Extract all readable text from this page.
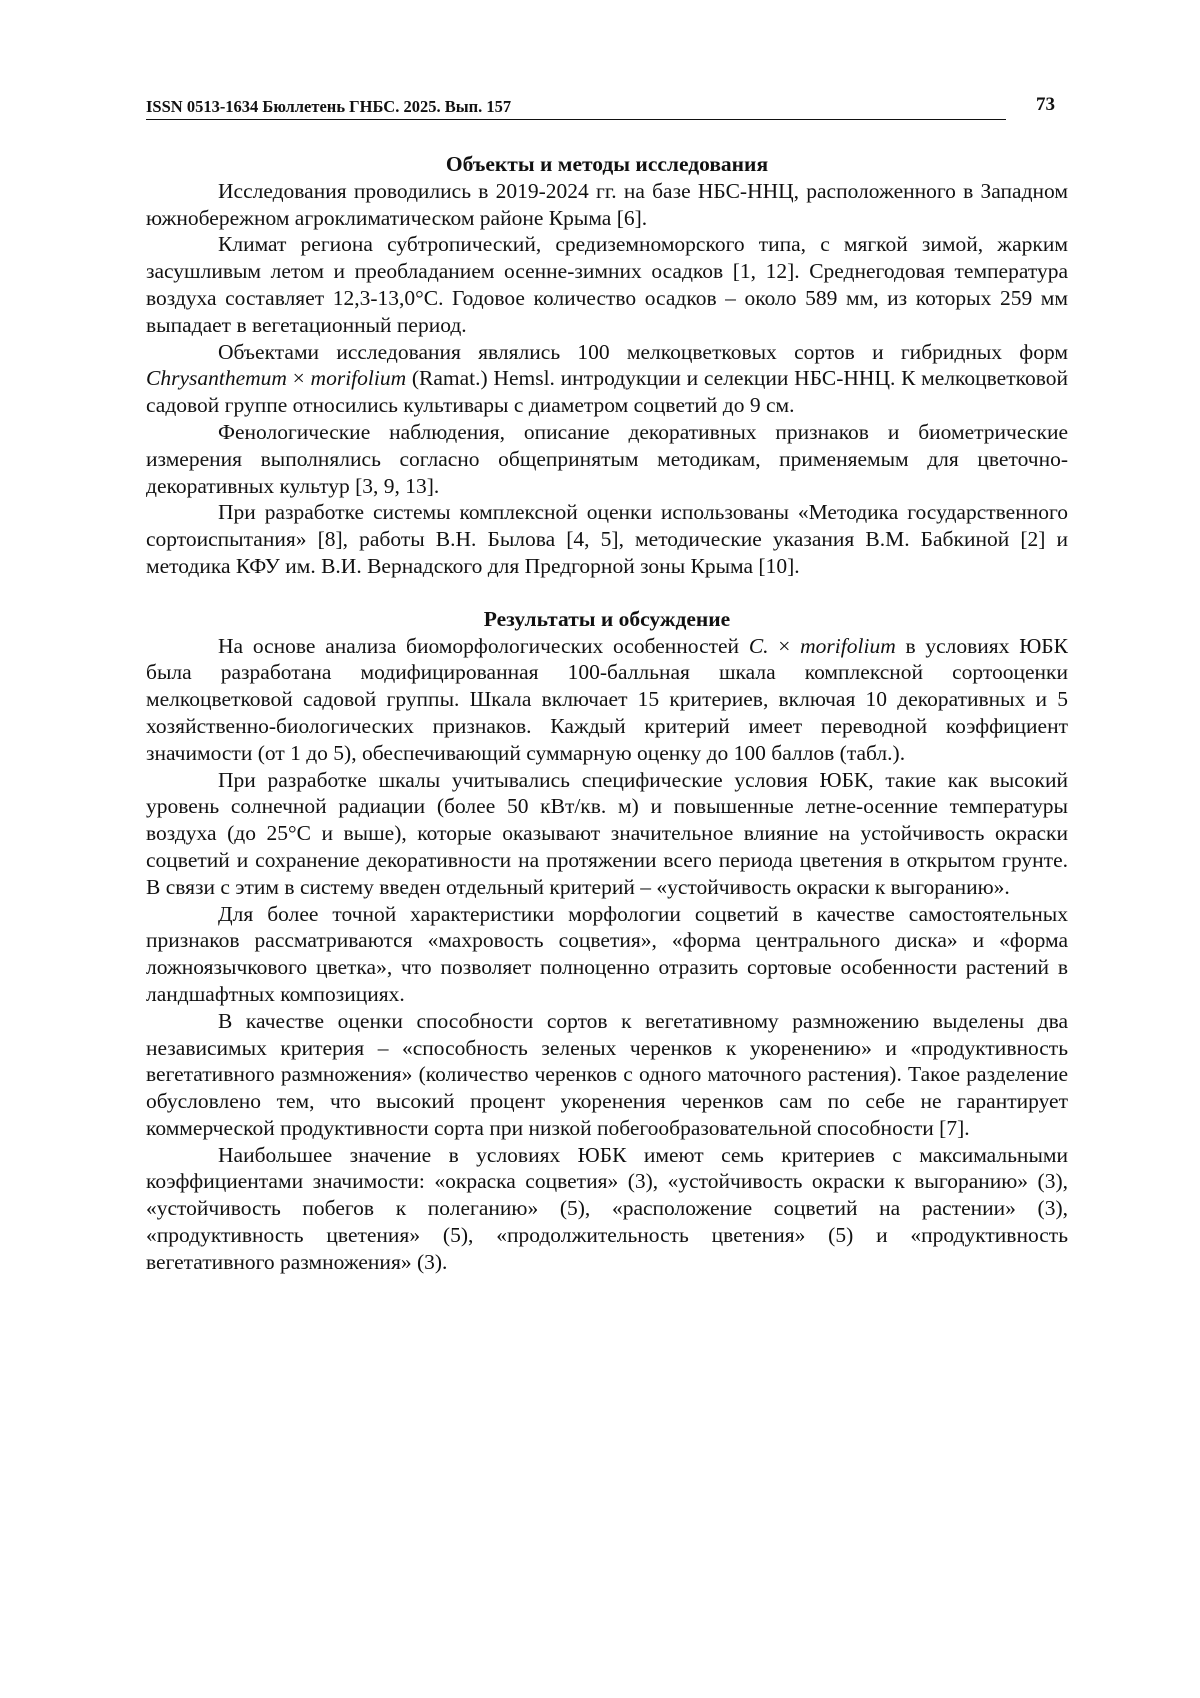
ISSN 0513-1634 Бюллетень ГНБС. 2025. Вып. 157	73
Объекты и методы исследования

Исследования проводились в 2019-2024 гг. на базе НБС-ННЦ, расположенного в Западном южнобережном агроклиматическом районе Крыма [6].

Климат региона субтропический, средиземноморского типа, с мягкой зимой, жарким засушливым летом и преобладанием осенне-зимних осадков [1, 12]. Среднегодовая температура воздуха составляет 12,3-13,0°С. Годовое количество осадков – около 589 мм, из которых 259 мм выпадает в вегетационный период.

Объектами исследования являлись 100 мелкоцветковых сортов и гибридных форм Chrysanthemum × morifolium (Ramat.) Hemsl. интродукции и селекции НБС-ННЦ. К мелкоцветковой садовой группе относились культивары с диаметром соцветий до 9 см.

Фенологические наблюдения, описание декоративных признаков и биометрические измерения выполнялись согласно общепринятым методикам, применяемым для цветочно-декоративных культур [3, 9, 13].

При разработке системы комплексной оценки использованы «Методика государственного сортоиспытания» [8], работы В.Н. Былова [4, 5], методические указания В.М. Бабкиной [2] и методика КФУ им. В.И. Вернадского для Предгорной зоны Крыма [10].

Результаты и обсуждение

На основе анализа биоморфологических особенностей C. × morifolium в условиях ЮБК была разработана модифицированная 100-балльная шкала комплексной сортооценки мелкоцветковой садовой группы. Шкала включает 15 критериев, включая 10 декоративных и 5 хозяйственно-биологических признаков. Каждый критерий имеет переводной коэффициент значимости (от 1 до 5), обеспечивающий суммарную оценку до 100 баллов (табл.).

При разработке шкалы учитывались специфические условия ЮБК, такие как высокий уровень солнечной радиации (более 50 кВт/кв. м) и повышенные летне-осенние температуры воздуха (до 25°С и выше), которые оказывают значительное влияние на устойчивость окраски соцветий и сохранение декоративности на протяжении всего периода цветения в открытом грунте. В связи с этим в систему введен отдельный критерий – «устойчивость окраски к выгоранию».

Для более точной характеристики морфологии соцветий в качестве самостоятельных признаков рассматриваются «махровость соцветия», «форма центрального диска» и «форма ложноязычкового цветка», что позволяет полноценно отразить сортовые особенности растений в ландшафтных композициях.

В качестве оценки способности сортов к вегетативному размножению выделены два независимых критерия – «способность зеленых черенков к укоренению» и «продуктивность вегетативного размножения» (количество черенков с одного маточного растения). Такое разделение обусловлено тем, что высокий процент укоренения черенков сам по себе не гарантирует коммерческой продуктивности сорта при низкой побегообразовательной способности [7].

Наибольшее значение в условиях ЮБК имеют семь критериев с максимальными коэффициентами значимости: «окраска соцветия» (3), «устойчивость окраски к выгоранию» (3), «устойчивость побегов к полеганию» (5), «расположение соцветий на растении» (3), «продуктивность цветения» (5), «продолжительность цветения» (5) и «продуктивность вегетативного размножения» (3).
